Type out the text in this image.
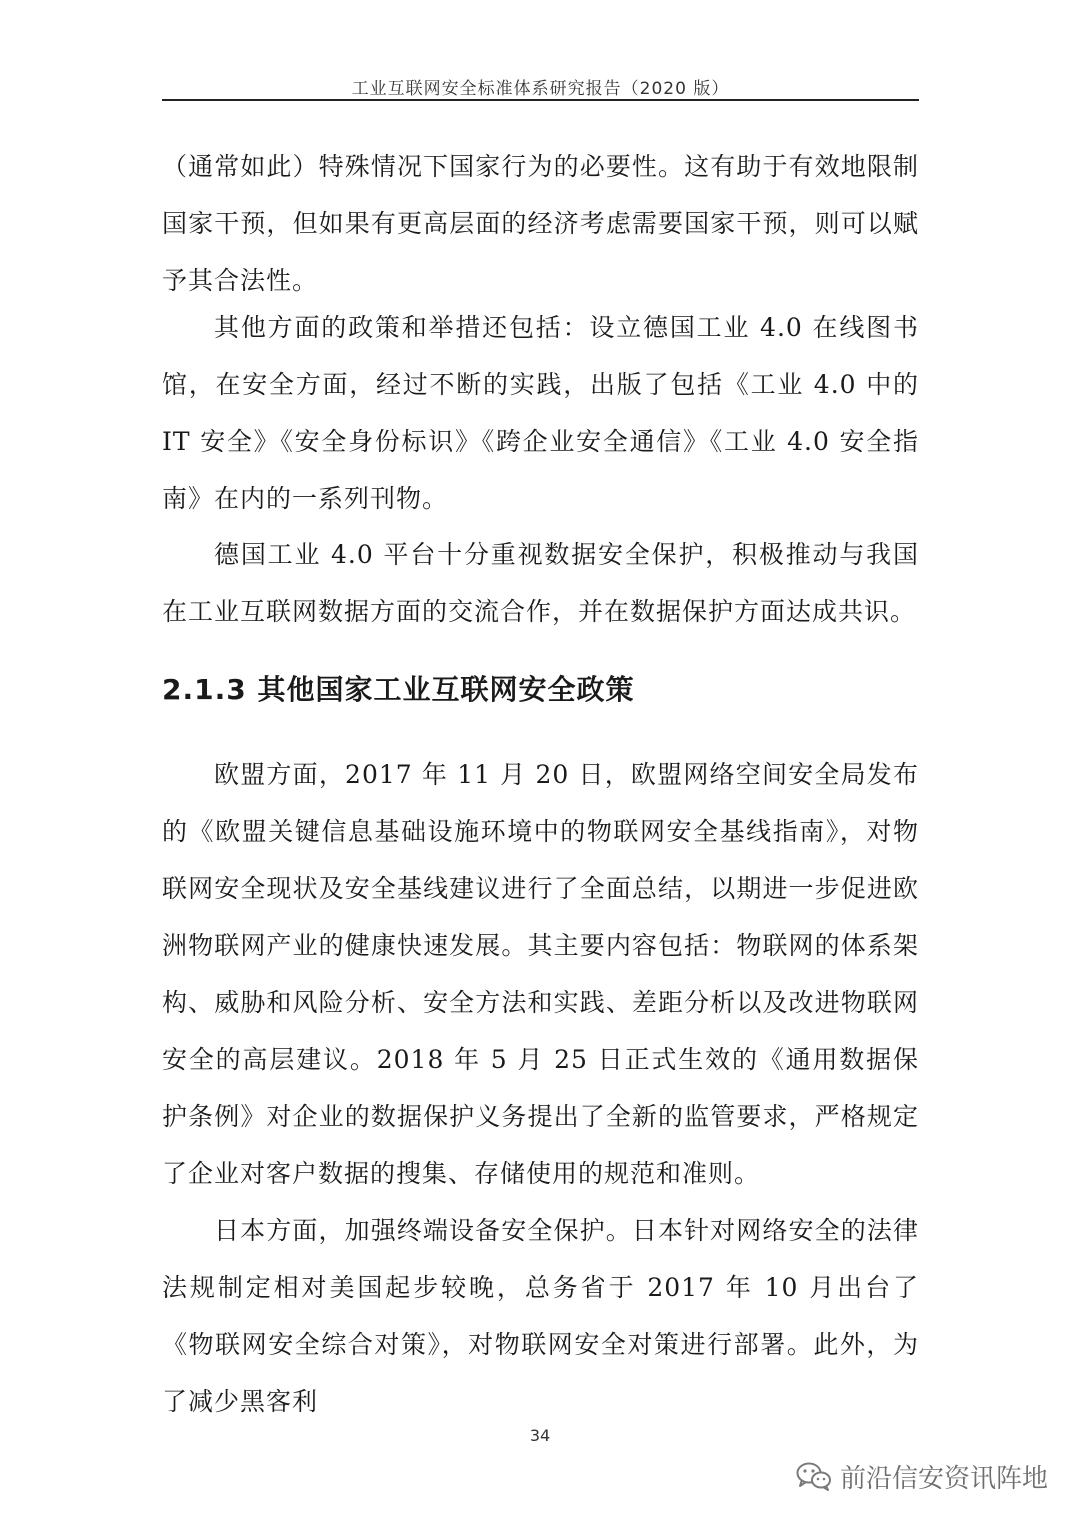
工业互联网安全标准体系研究报告（2020 版）

（通常如此）特殊情况下国家行为的必要性。这有助于有效地限制国家干预，但如果有更高层面的经济考虑需要国家干预，则可以赋予其合法性。

其他方面的政策和举措还包括：设立德国工业 4.0 在线图书馆，在安全方面，经过不断的实践，出版了包括《工业 4.0 中的 IT 安全》《安全身份标识》《跨企业安全通信》《工业 4.0 安全指南》在内的一系列刊物。

德国工业 4.0 平台十分重视数据安全保护，积极推动与我国在工业互联网数据方面的交流合作，并在数据保护方面达成共识。

2.1.3 其他国家工业互联网安全政策

欧盟方面，2017 年 11 月 20 日，欧盟网络空间安全局发布的《欧盟关键信息基础设施环境中的物联网安全基线指南》，对物联网安全现状及安全基线建议进行了全面总结，以期进一步促进欧洲物联网产业的健康快速发展。其主要内容包括：物联网的体系架构、威胁和风险分析、安全方法和实践、差距分析以及改进物联网安全的高层建议。2018 年 5 月 25 日正式生效的《通用数据保护条例》对企业的数据保护义务提出了全新的监管要求，严格规定了企业对客户数据的搜集、存储使用的规范和准则。

日本方面，加强终端设备安全保护。日本针对网络安全的法律法规制定相对美国起步较晚，总务省于 2017 年 10 月出台了《物联网安全综合对策》，对物联网安全对策进行部署。此外，为了减少黑客利

34
前沿信安资讯阵地
